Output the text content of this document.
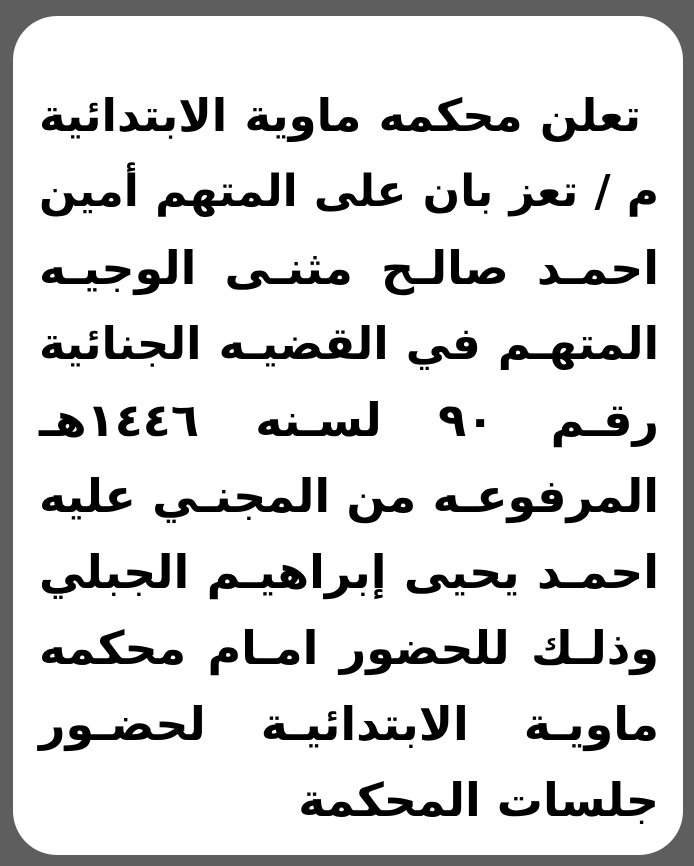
تعلن محكمه ماوية الابتدائية
م / تعز بان على المتهم أمين
احمـد صالـح مثنـى الوجيـه
المتهـم في القضيـه الجنائية
رقـم ٩٠ لسـنه ١٤٤٦هـ
المرفوعـه من المجنـي عليه
احمـد يحيى إبراهيـم الجبلي
وذلـك للحضور امـام محكمه
ماويـة الابتدائيـة لحضـور
جلسات المحكمة
